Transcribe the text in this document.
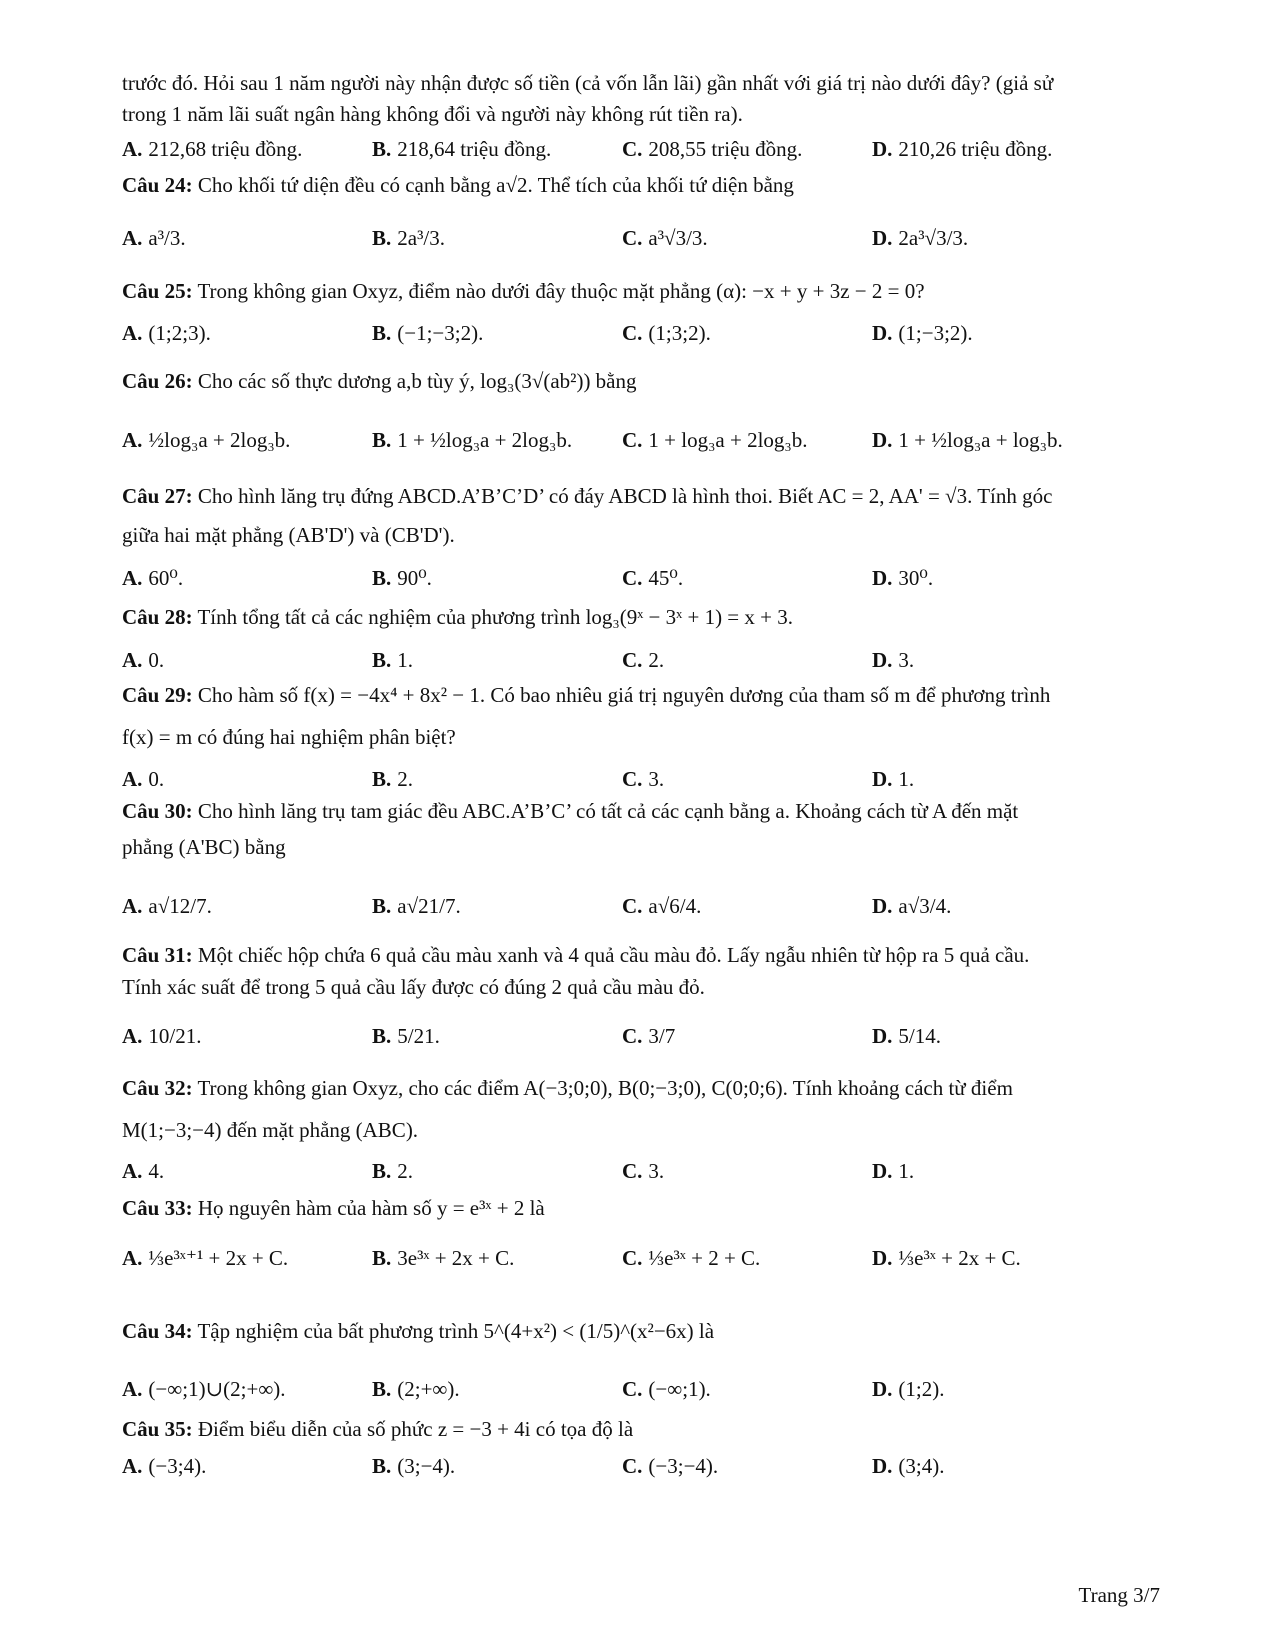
trước đó. Hỏi sau 1 năm người này nhận được số tiền (cả vốn lẫn lãi) gần nhất với giá trị nào dưới đây? (giả sử
trong 1 năm lãi suất ngân hàng không đổi và người này không rút tiền ra).
A. 212,68 triệu đồng.	B. 218,64 triệu đồng.	C. 208,55 triệu đồng.	D. 210,26 triệu đồng.
Câu 24: Cho khối tứ diện đều có cạnh bằng a√2. Thể tích của khối tứ diện bằng
A. a³/3.	B. 2a³/3.	C. a³√3/3.	D. 2a³√3/3.
Câu 25: Trong không gian Oxyz, điểm nào dưới đây thuộc mặt phẳng (α): −x + y + 3z − 2 = 0?
A. (1;2;3).	B. (−1;−3;2).	C. (1;3;2).	D. (1;−3;2).
Câu 26: Cho các số thực dương a,b tùy ý, log₃(3√(ab²)) bằng
A. ½log₃a + 2log₃b.	B. 1 + ½log₃a + 2log₃b. C. 1 + log₃a + 2log₃b.	D. 1 + ½log₃a + log₃b.
Câu 27: Cho hình lăng trụ đứng ABCD.A’B’C’D’ có đáy ABCD là hình thoi. Biết AC = 2, AA' = √3. Tính góc
giữa hai mặt phẳng (AB'D') và (CB'D').
A. 60⁰.	B. 90⁰.	C. 45⁰.	D. 30⁰.
Câu 28: Tính tổng tất cả các nghiệm của phương trình log₃(9ˣ − 3ˣ + 1) = x + 3.
A. 0.	B. 1.	C. 2.	D. 3.
Câu 29: Cho hàm số f(x) = −4x⁴ + 8x² − 1. Có bao nhiêu giá trị nguyên dương của tham số m để phương trình
f(x) = m có đúng hai nghiệm phân biệt?
A. 0.	B. 2.	C. 3.	D. 1.
Câu 30: Cho hình lăng trụ tam giác đều ABC.A’B’C’ có tất cả các cạnh bằng a. Khoảng cách từ A đến mặt
phẳng (A'BC) bằng
A. a√12/7.	B. a√21/7.	C. a√6/4.	D. a√3/4.
Câu 31: Một chiếc hộp chứa 6 quả cầu màu xanh và 4 quả cầu màu đỏ. Lấy ngẫu nhiên từ hộp ra 5 quả cầu.
Tính xác suất để trong 5 quả cầu lấy được có đúng 2 quả cầu màu đỏ.
A. 10/21.	B. 5/21.	C. 3/7	D. 5/14.
Câu 32: Trong không gian Oxyz, cho các điểm A(−3;0;0), B(0;−3;0), C(0;0;6). Tính khoảng cách từ điểm
M(1;−3;−4) đến mặt phẳng (ABC).
A. 4.	B. 2.	C. 3.	D. 1.
Câu 33: Họ nguyên hàm của hàm số y = e³ˣ + 2 là
A. ⅓e³ˣ⁺¹ + 2x + C.	B. 3e³ˣ + 2x + C.	C. ⅓e³ˣ + 2 + C.	D. ⅓e³ˣ + 2x + C.
Câu 34: Tập nghiệm của bất phương trình 5^(4+x²) < (1/5)^(x²−6x) là
A. (−∞;1)∪(2;+∞).	B. (2;+∞).	C. (−∞;1).	D. (1;2).
Câu 35: Điểm biểu diễn của số phức z = −3 + 4i có tọa độ là
A. (−3;4).	B. (3;−4).	C. (−3;−4).	D. (3;4).
Trang 3/7
